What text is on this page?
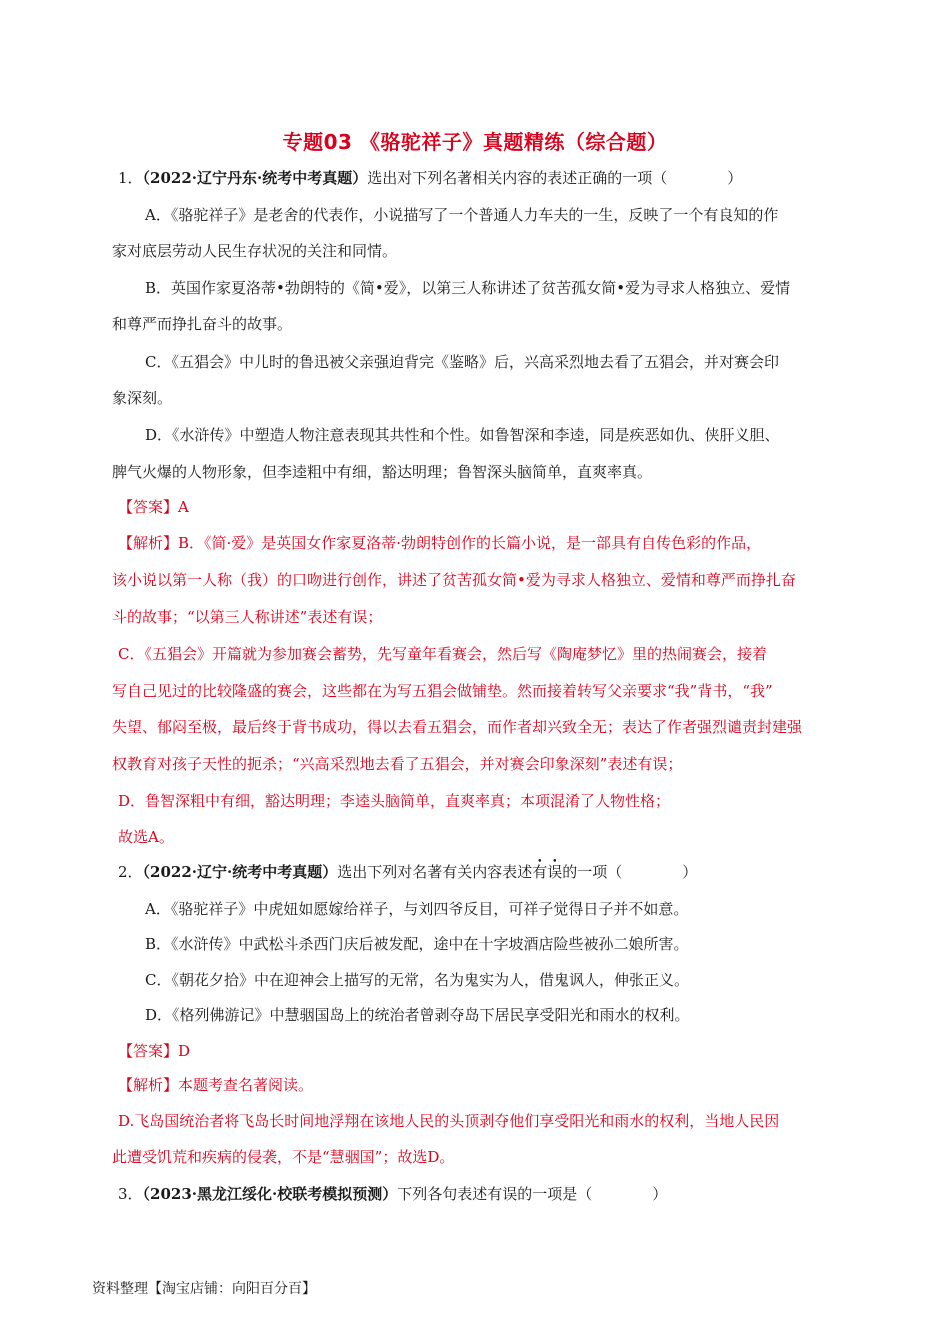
专题03 《骆驼祥子》真题精练（综合题）
1．（2022·辽宁丹东·统考中考真题）选出对下列名著相关内容的表述正确的一项（　　　　）
A．《骆驼祥子》是老舍的代表作，小说描写了一个普通人力车夫的一生，反映了一个有良知的作
家对底层劳动人民生存状况的关注和同情。
B．英国作家夏洛蒂•勃朗特的《简•爱》，以第三人称讲述了贫苦孤女简•爱为寻求人格独立、爱情
和尊严而挣扎奋斗的故事。
C．《五猖会》中儿时的鲁迅被父亲强迫背完《鉴略》后，兴高采烈地去看了五猖会，并对赛会印
象深刻。
D．《水浒传》中塑造人物注意表现其共性和个性。如鲁智深和李逵，同是疾恶如仇、侠肝义胆、
脾气火爆的人物形象，但李逵粗中有细，豁达明理；鲁智深头脑简单，直爽率真。
【答案】A
【解析】B．《简·爱》是英国女作家夏洛蒂·勃朗特创作的长篇小说，是一部具有自传色彩的作品，
该小说以第一人称（我）的口吻进行创作，讲述了贫苦孤女简•爱为寻求人格独立、爱情和尊严而挣扎奋
斗的故事；“以第三人称讲述”表述有误；
C．《五猖会》开篇就为参加赛会蓄势，先写童年看赛会，然后写《陶庵梦忆》里的热闹赛会，接着
写自己见过的比较隆盛的赛会，这些都在为写五猖会做铺垫。然而接着转写父亲要求“我”背书，“我”
失望、郁闷至极，最后终于背书成功，得以去看五猖会，而作者却兴致全无；表达了作者强烈谴责封建强
权教育对孩子天性的扼杀；“兴高采烈地去看了五猖会，并对赛会印象深刻”表述有误；
D．鲁智深粗中有细，豁达明理；李逵头脑简单，直爽率真；本项混淆了人物性格；
故选A。
2．（2022·辽宁·统考中考真题）选出下列对名著有关内容表述有误的一项（　　　　）
A．《骆驼祥子》中虎妞如愿嫁给祥子，与刘四爷反目，可祥子觉得日子并不如意。
B．《水浒传》中武松斗杀西门庆后被发配，途中在十字坡酒店险些被孙二娘所害。
C．《朝花夕拾》中在迎神会上描写的无常，名为鬼实为人，借鬼讽人，伸张正义。
D．《格列佛游记》中慧骃国岛上的统治者曾剥夺岛下居民享受阳光和雨水的权利。
【答案】D
【解析】本题考查名著阅读。
D.飞岛国统治者将飞岛长时间地浮翔在该地人民的头顶剥夺他们享受阳光和雨水的权利，当地人民因
此遭受饥荒和疾病的侵袭，不是“慧骃国”；故选D。
3．（2023·黑龙江绥化·校联考模拟预测）下列各句表述有误的一项是（　　　　）
资料整理【淘宝店铺：向阳百分百】
